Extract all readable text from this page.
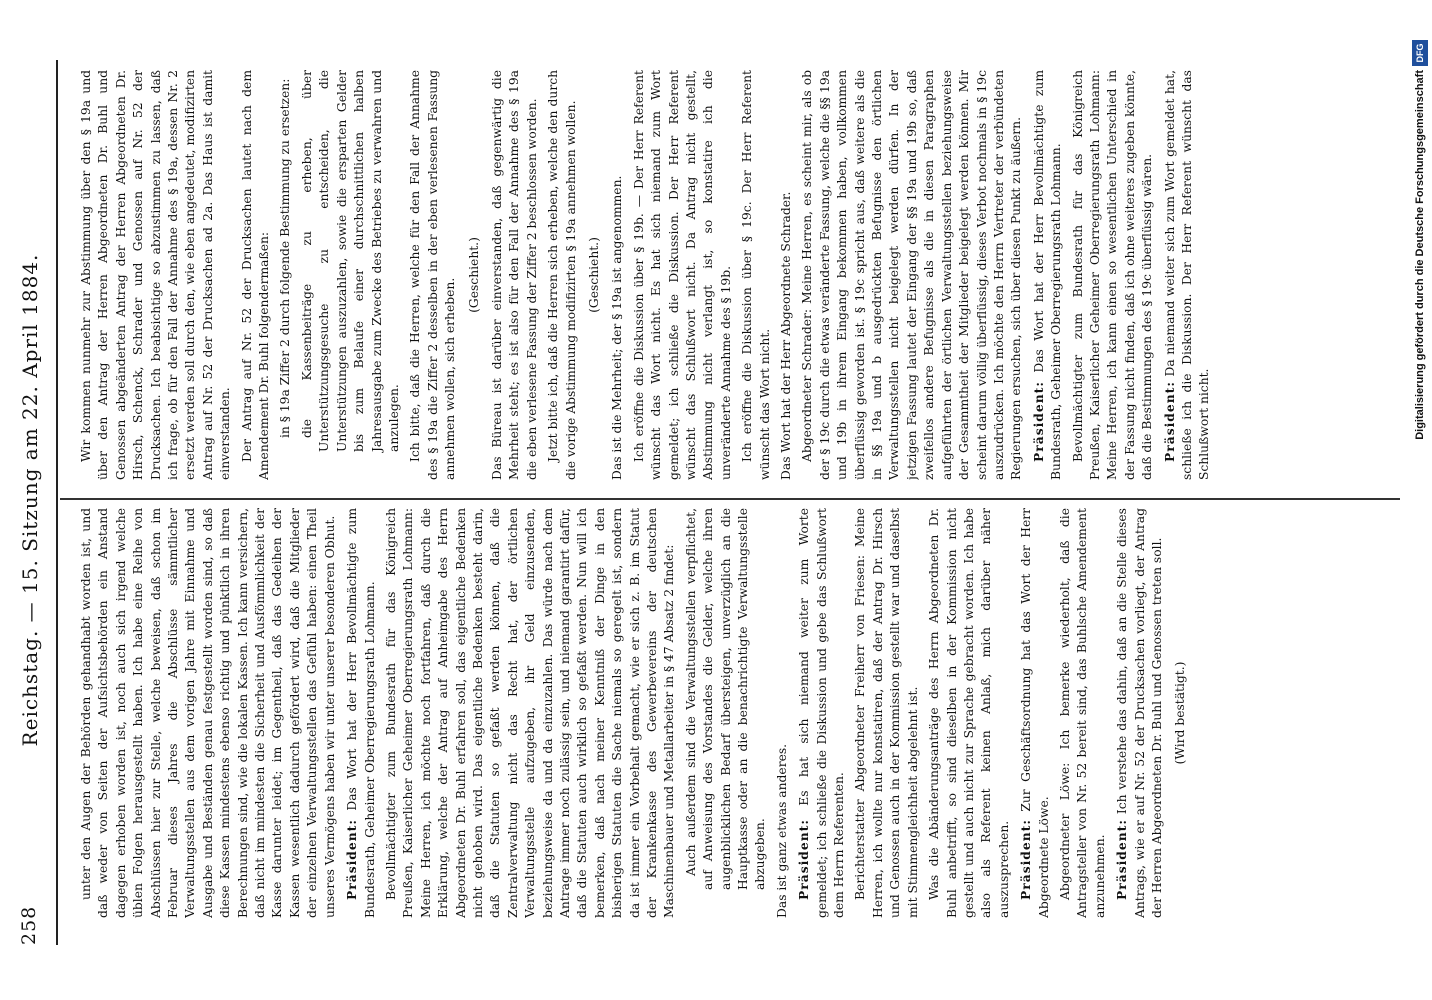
258
Reichstag. — 15. Sitzung am 22. April 1884.	unter den Augen der Behörden gehandhabt worden ist, und daß weder von Seiten der Aufsichtsbehörden ein Anstand dagegen erhoben worden ist, noch auch sich irgend welche üblen Folgen herausgestellt haben. Ich habe eine Reihe von Abschlüssen hier zur Stelle, welche beweisen, daß schon im Februar dieses Jahres die Abschlüsse sämmtlicher Verwaltungsstellen aus dem vorigen Jahre mit Einnahme und Ausgabe und Beständen genau festgestellt worden sind, so daß diese Kassen mindestens ebenso richtig und pünktlich in ihren Berechnungen sind, wie die lokalen Kassen. Ich kann versichern, daß nicht im mindesten die Sicherheit und Ausfömmlichkeit der Kasse darunter leidet; im Gegentheil, daß das Gedeihen der Kassen wesentlich dadurch gefördert wird, daß die Mitglieder der einzelnen Verwaltungsstellen das Gefühl haben: einen Theil unseres Vermögens haben wir unter unserer besonderen Obhut. Präsident: Das Wort hat der Herr Bevollmächtigte zum Bundesrath, Geheimer Oberregierungsrath Lohmann. Bevollmächtigter zum Bundesrath für das Königreich Preußen, Kaiserlicher Geheimer Oberregierungsrath Lohmann: Meine Herren, ich möchte noch fortfahren, daß durch die Erklärung, welche der Antrag auf Anheimgabe des Herrn Abgeordneten Dr. Buhl erfahren soll, das eigentliche Bedenken nicht gehoben wird. Das eigentliche Bedenken besteht darin, daß die Statuten so gefaßt werden können, daß die Zentralverwaltung nicht das Recht hat, der örtlichen Verwaltungsstelle aufzugeben, ihr Geld einzusenden, beziehungsweise da und da einzuzahlen. Das würde nach dem Antrage immer noch zulässig sein, und niemand garantirt dafür, daß die Statuten auch wirklich so gefaßt werden. Nun will ich bemerken, daß nach meiner Kenntniß der Dinge in den bisherigen Statuten die Sache niemals so geregelt ist, sondern da ist immer ein Vorbehalt gemacht, wie er sich z. B. im Statut der Krankenkasse des Gewerbevereins der deutschen Maschinenbauer und Metallarbeiter in § 47 Absatz 2 findet: Auch außerdem sind die Verwaltungsstellen verpflichtet, auf Anweisung des Vorstandes die Gelder, welche ihren augenblicklichen Bedarf übersteigen, unverzüglich an die Hauptkasse oder an die benachrichtigte Verwaltungsstelle abzugeben. Das ist ganz etwas anderes. Präsident: Es hat sich niemand weiter zum Worte gemeldet; ich schließe die Diskussion und gebe das Schlußwort dem Herrn Referenten. Berichterstatter Abgeordneter Freiherr von Friesen: Meine Herren, ich wollte nur konstatiren, daß der Antrag Dr. Hirsch und Genossen auch in der Kommission gestellt war und daselbst mit Stimmengleichheit abgelehnt ist. Was die Abänderungsanträge des Herrn Abgeordneten Dr. Buhl anbetrifft, so sind dieselben in der Kommission nicht gestellt und auch nicht zur Sprache gebracht worden. Ich habe also als Referent keinen Anlaß, mich darüber näher auszusprechen. Präsident: Zur Geschäftsordnung hat das Wort der Herr Abgeordnete Löwe. Abgeordneter Löwe: Ich bemerke wiederholt, daß die Antragsteller von Nr. 52 bereit sind, das Buhlsche Amendement anzunehmen. Präsident: Ich verstehe das dahin, daß an die Stelle dieses Antrags, wie er auf Nr. 52 der Drucksachen vorliegt, der Antrag der Herren Abgeordneten Dr. Buhl und Genossen treten soll. (Wird bestätigt.)

Wir kommen nunmehr zur Abstimmung über den § 19a und über den Antrag der Herren Abgeordneten Dr. Buhl und Genossen abgeänderten Antrag der Herren Abgeordneten Dr. Hirsch, Schenck, Schrader und Genossen auf Nr. 52 der Drucksachen. Ich beabsichtige so abzustimmen zu lassen, daß ich frage, ob für den Fall der Annahme des § 19a, dessen Nr. 2 ersetzt werden soll durch den, wie eben angedeutet, modifizirten Antrag auf Nr. 52 der Drucksachen ad 2a. Das Haus ist damit einverstanden. Der Antrag auf Nr. 52 der Drucksachen lautet nach dem Amendement Dr. Buhl folgendermaßen: in § 19a Ziffer 2 durch folgende Bestimmung zu ersetzen: die Kassenbeiträge zu erheben, über Unterstützungsgesuche zu entscheiden, die Unterstützungen auszuzahlen, sowie die ersparten Gelder bis zum Belaufe einer durchschnittlichen halben Jahresausgabe zum Zwecke des Betriebes zu verwahren und anzulegen. Ich bitte, daß die Herren, welche für den Fall der Annahme des § 19a die Ziffer 2 desselben in der eben verlesenen Fassung annehmen wollen, sich erheben.

(Geschieht.) Das Büreau ist darüber einverstanden, daß gegenwärtig die Mehrheit steht; es ist also für den Fall der Annahme des § 19a die eben verlesene Fassung der Ziffer 2 beschlossen worden. Jetzt bitte ich, daß die Herren sich erheben, welche den durch die vorige Abstimmung modifizirten § 19a annehmen wollen. (Geschieht.) Das ist die Mehrheit; der § 19a ist angenommen. Ich eröffne die Diskussion über § 19b. — Der Herr Referent wünscht das Wort nicht. Es hat sich niemand zum Wort gemeldet; ich schließe die Diskussion. Der Herr Referent wünscht das Schlußwort nicht. Da Antrag nicht gestellt, Abstimmung nicht verlangt ist, so konstatire ich die unveränderte Annahme des § 19b. Ich eröffne die Diskussion über § 19c. Der Herr Referent wünscht das Wort nicht. Das Wort hat der Herr Abgeordnete Schrader. Abgeordneter Schrader: Meine Herren, es scheint mir, als ob der § 19c durch die etwas veränderte Fassung, welche die §§ 19a und 19b in ihrem Eingang bekommen haben, vollkommen überflüssig geworden ist. § 19c spricht aus, daß weitere als die in §§ 19a und b ausgedrückten Befugnisse den örtlichen Verwaltungsstellen nicht beigelegt werden dürfen. In der jetzigen Fassung lautet der Eingang der §§ 19a und 19b so, daß zweifellos andere Befugnisse als die in diesen Paragraphen aufgeführten der örtlichen Verwaltungsstellen beziehungsweise der Gesammtheit der Mitglieder beigelegt werden können. Mir scheint darum völlig überflüssig, dieses Verbot nochmals in § 19c auszudrücken. Ich möchte den Herrn Vertreter der verbündeten Regierungen ersuchen, sich über diesen Punkt zu äußern. Präsident: Das Wort hat der Herr Bevollmächtigte zum Bundesrath, Geheimer Oberregierungsrath Lohmann. Bevollmächtigter zum Bundesrath für das Königreich Preußen, Kaiserlicher Geheimer Oberregierungsrath Lohmann: Meine Herren, ich kann einen so wesentlichen Unterschied in der Fassung nicht finden, daß ich ohne weiteres zugeben könnte, daß die Bestimmungen des § 19c überflüssig wären. Präsident: Da niemand weiter sich zum Wort gemeldet hat, schließe ich die Diskussion. Der Herr Referent wünscht das Schlußwort nicht.	Digitalisierung gefördert durch die Deutsche Forschungsgemeinschaft
DFG
